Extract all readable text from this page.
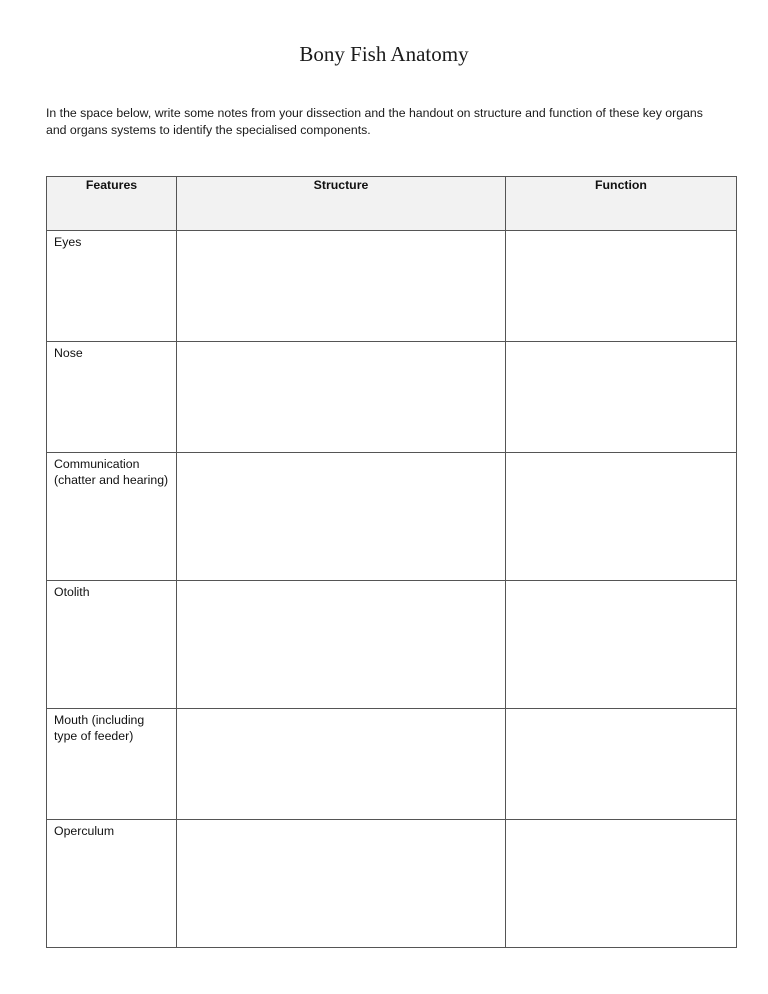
Bony Fish Anatomy

In the space below, write some notes from your dissection and the handout on structure and function of these key organs and organs systems to identify the specialised components.

Features	Structure	Function
Eyes	

Nose	

Communication (chatter and hearing)	

Otolith	

Mouth (including type of feeder)	

Operculum	
